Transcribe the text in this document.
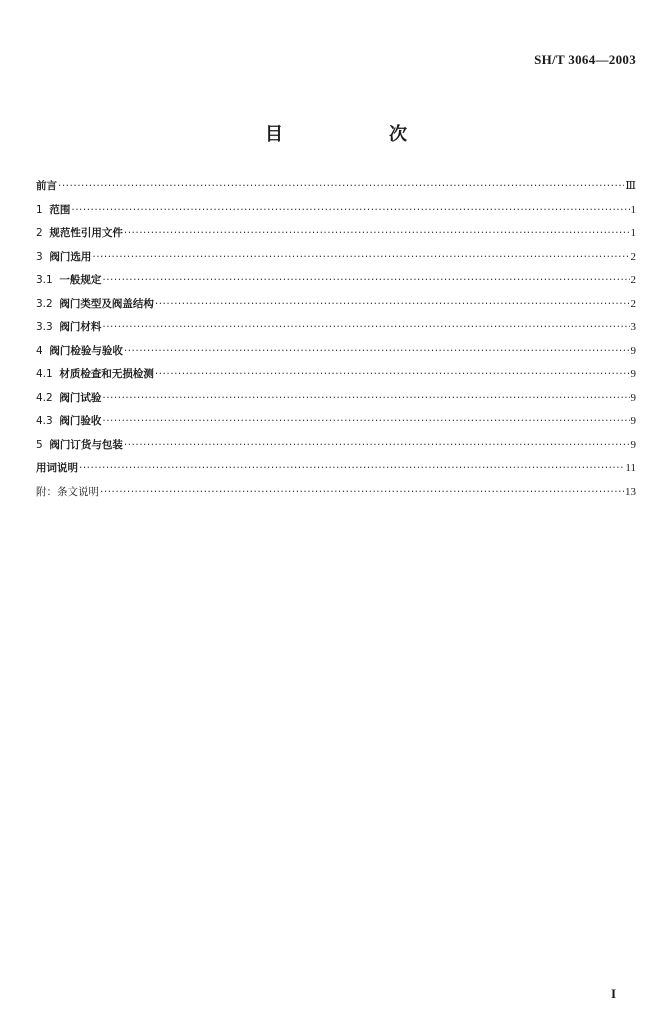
SH/T 3064—2003
目　次
前言 ·····	Ⅲ
1 范围 ·····	1
2 规范性引用文件 ·····	1
3 阀门选用 ·····	2
3.1 一般规定 ·····	2
3.2 阀门类型及阀盖结构 ·····	2
3.3 阀门材料 ·····	3
4 阀门检验与验收 ·····	9
4.1 材质检查和无损检测 ·····	9
4.2 阀门试验 ·····	9
4.3 阀门验收 ·····	9
5 阀门订货与包装 ·····	9
用词说明 ·····	11
附：条文说明 ·····	13
I
